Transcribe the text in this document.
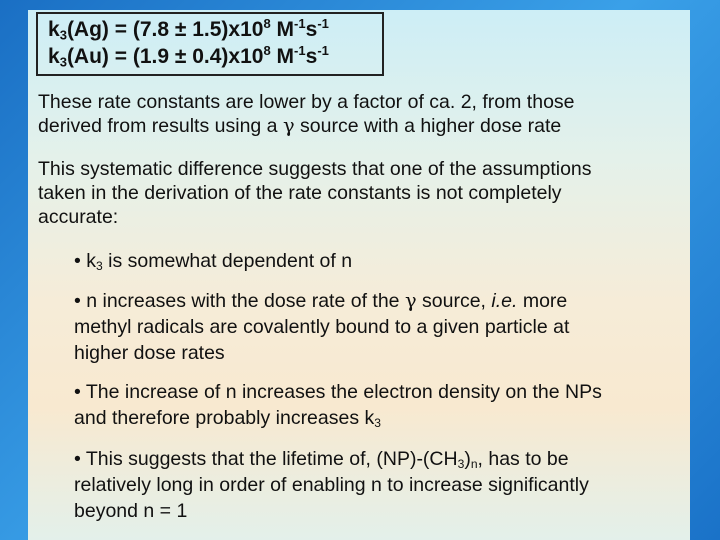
$k_3(Ag) = (7.8 \pm 1.5)x10^8$ $M^{-1}s^{-1}$
$k_3(Au) = (1.9 \pm 0.4)x10^8$ $M^{-1}s^{-1}$
These rate constants are lower by a factor of ca. 2, from those
derived from results using a γ source with a higher dose rate
This systematic difference suggests that one of the assumptions
taken in the derivation of the rate constants is not completely
accurate:
• $k_3$ is somewhat dependent of n
• n increases with the dose rate of the γ source, i.e. more
methyl radicals are covalently bound to a given particle at
higher dose rates
• The increase of n increases the electron density on the NPs
and therefore probably increases $k_3$
• This suggests that the lifetime of, $(NP)-(CH_3)_n$, has to be
relatively long in order of enabling n to increase significantly
beyond n = 1
